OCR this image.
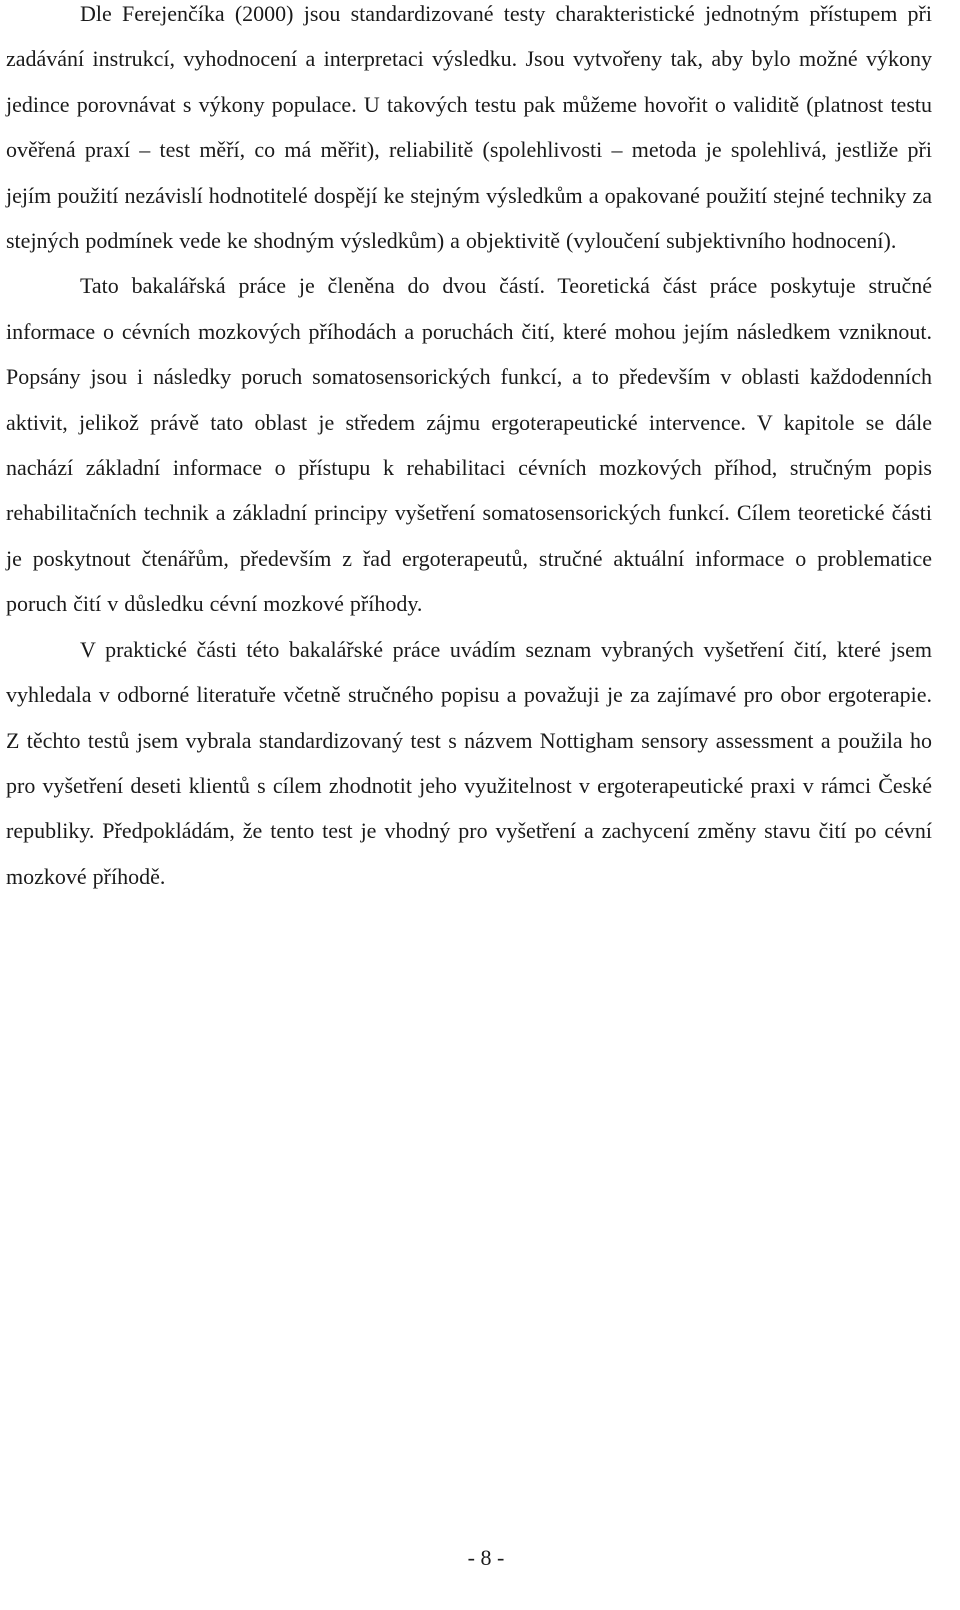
Dle Ferejenčíka (2000) jsou standardizované testy charakteristické jednotným přístupem při zadávání instrukcí, vyhodnocení a interpretaci výsledku. Jsou vytvořeny tak, aby bylo možné výkony jedince porovnávat s výkony populace. U takových testu pak můžeme hovořit o validitě (platnost testu ověřená praxí – test měří, co má měřit), reliabilitě (spolehlivosti – metoda je spolehlivá, jestliže při jejím použití nezávislí hodnotitelé dospějí ke stejným výsledkům a opakované použití stejné techniky za stejných podmínek vede ke shodným výsledkům) a objektivitě (vyloučení subjektivního hodnocení).

Tato bakalářská práce je členěna do dvou částí. Teoretická část práce poskytuje stručné informace o cévních mozkových příhodách a poruchách čití, které mohou jejím následkem vzniknout. Popsány jsou i následky poruch somatosensorických funkcí, a to především v oblasti každodenních aktivit, jelikož právě tato oblast je středem zájmu ergoterapeutické intervence. V kapitole se dále nachází základní informace o přístupu k rehabilitaci cévních mozkových příhod, stručným popis rehabilitačních technik a základní principy vyšetření somatosensorických funkcí. Cílem teoretické části je poskytnout čtenářům, především z řad ergoterapeutů, stručné aktuální informace o problematice poruch čití v důsledku cévní mozkové příhody.

V praktické části této bakalářské práce uvádím seznam vybraných vyšetření čití, které jsem vyhledala v odborné literatuře včetně stručného popisu a považuji je za zajímavé pro obor ergoterapie. Z těchto testů jsem vybrala standardizovaný test s názvem Nottigham sensory assessment a použila ho pro vyšetření deseti klientů s cílem zhodnotit jeho využitelnost v ergoterapeutické praxi v rámci České republiky. Předpokládám, že tento test je vhodný pro vyšetření a zachycení změny stavu čití po cévní mozkové příhodě.

- 8 -
